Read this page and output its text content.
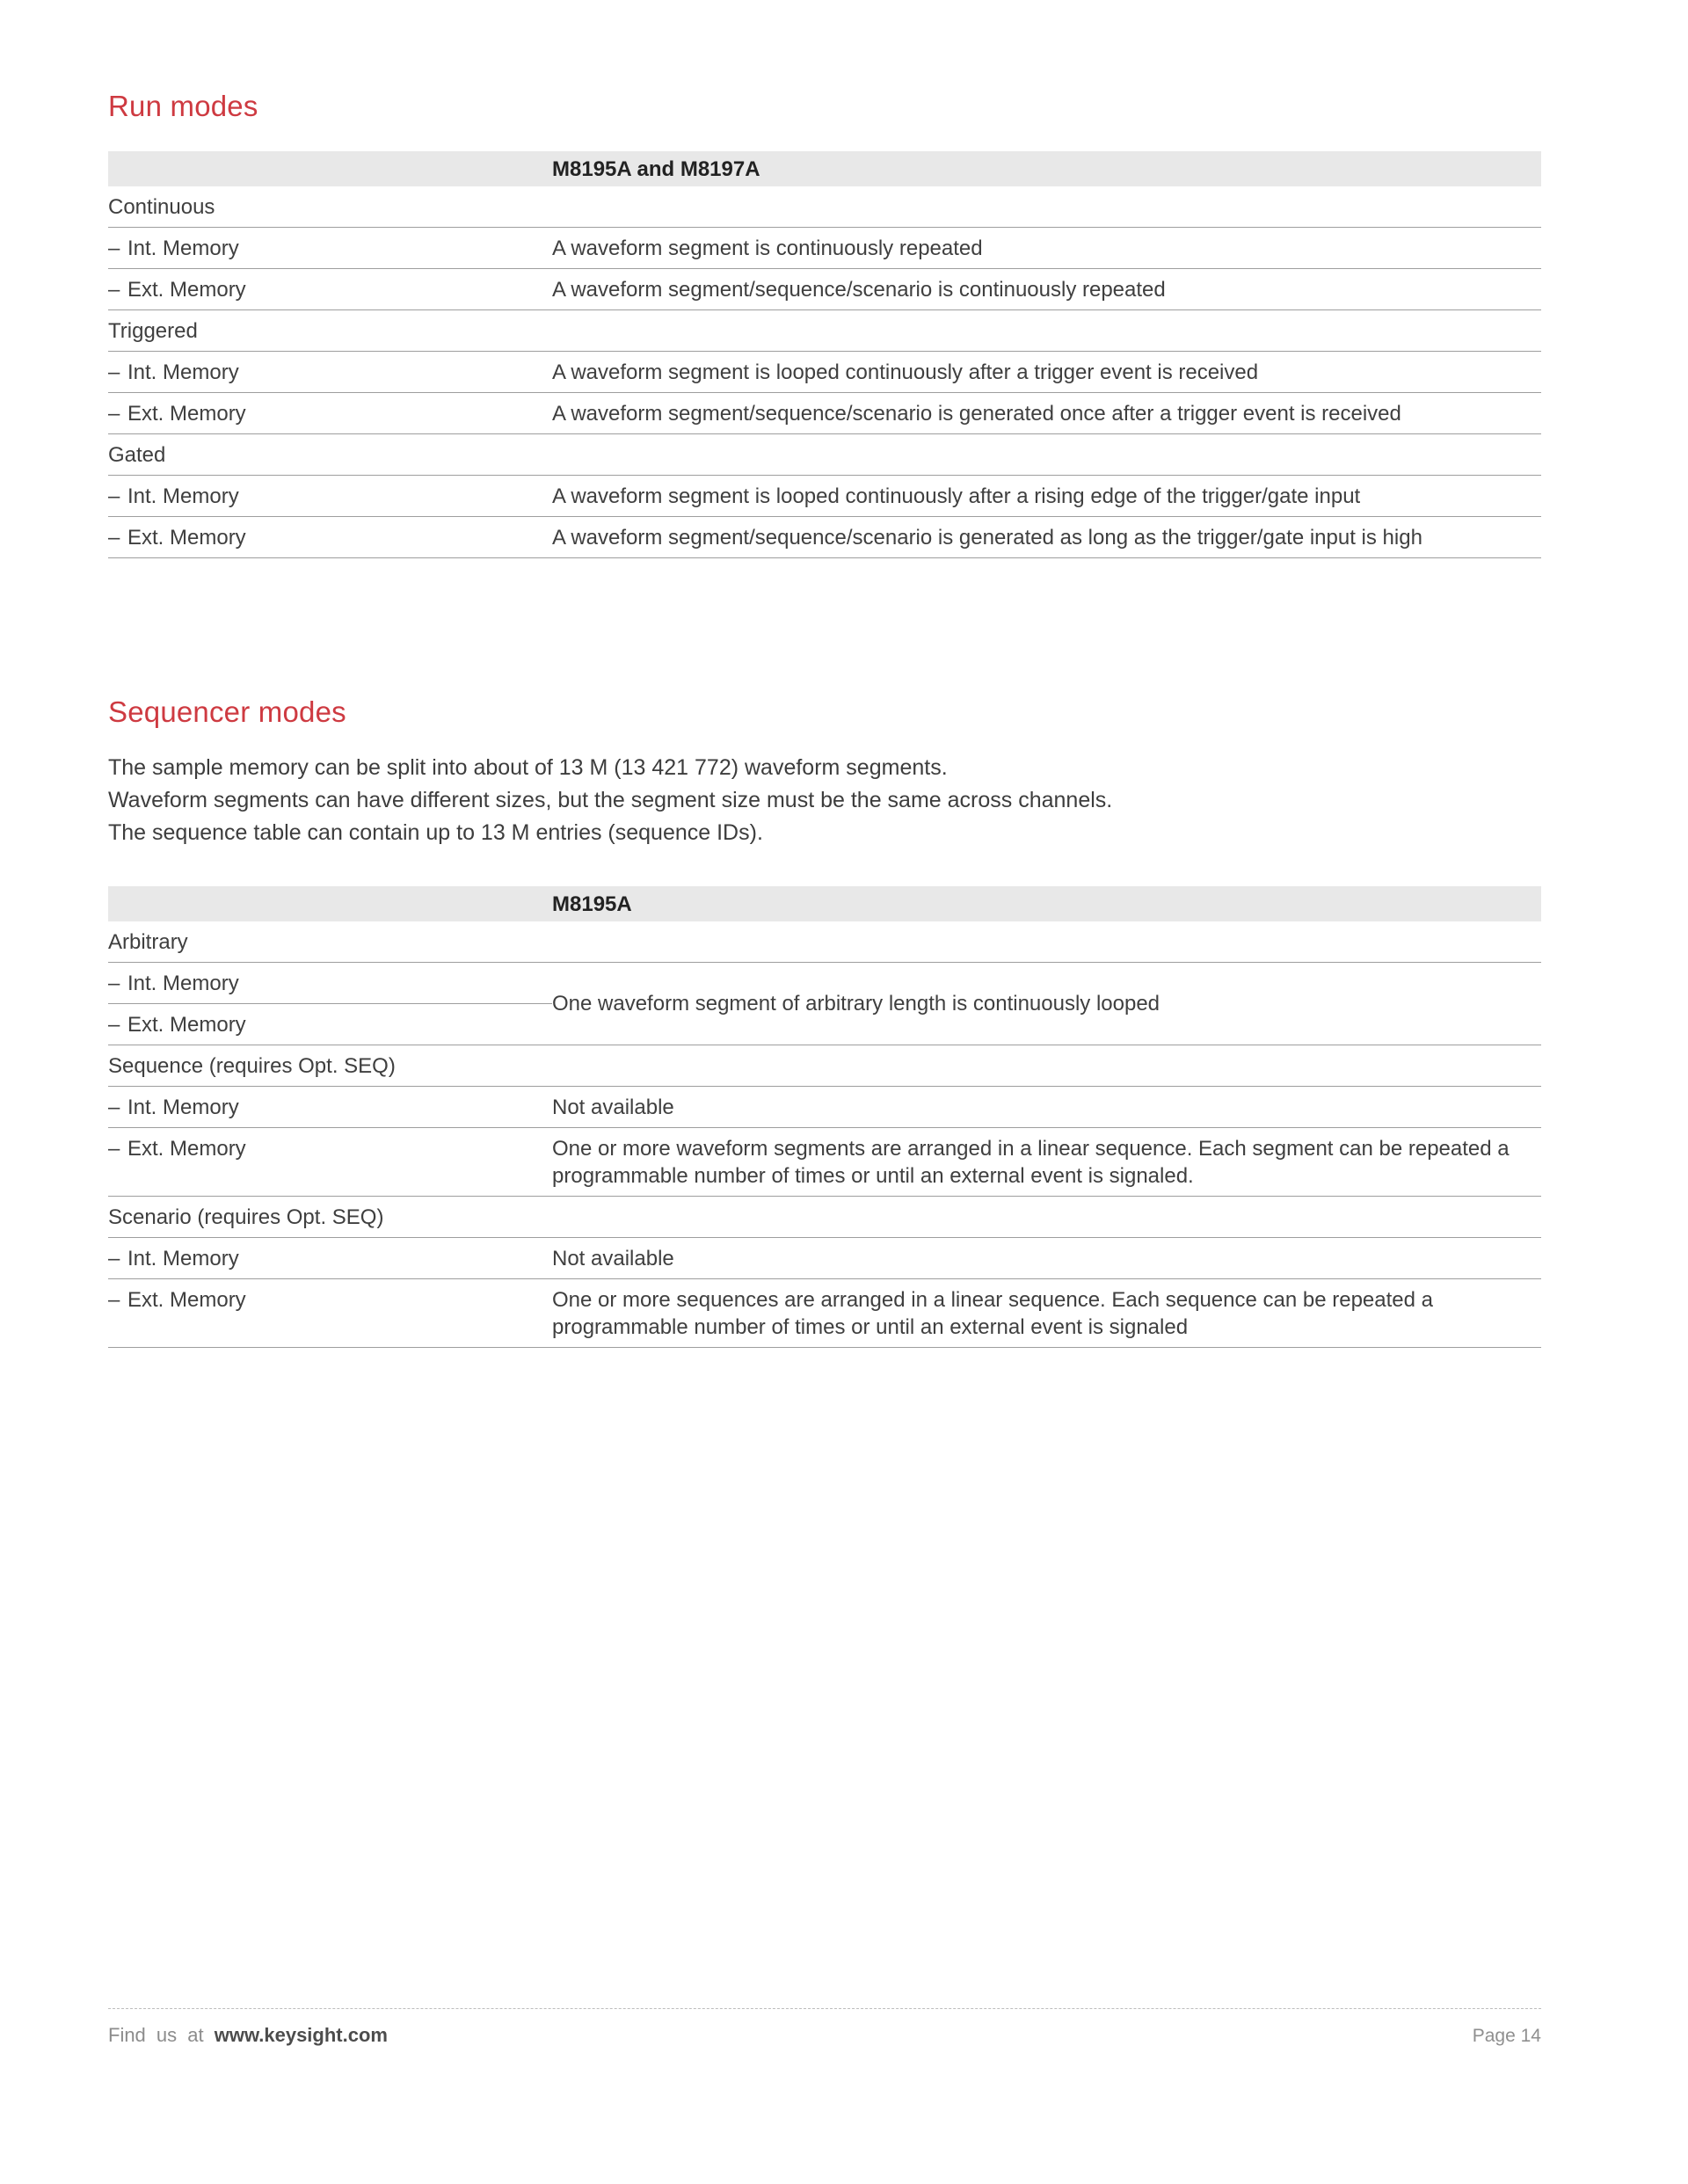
Run modes
	M8195A and M8197A
Continuous	
– Int. Memory	A waveform segment is continuously repeated
– Ext. Memory	A waveform segment/sequence/scenario is continuously repeated
Triggered	
– Int. Memory	A waveform segment is looped continuously after a trigger event is received
– Ext. Memory	A waveform segment/sequence/scenario is generated once after a trigger event is received
Gated	
– Int. Memory	A waveform segment is looped continuously after a rising edge of the trigger/gate input
– Ext. Memory	A waveform segment/sequence/scenario is generated as long as the trigger/gate input is high
Sequencer modes
The sample memory can be split into about of 13 M (13 421 772) waveform segments.
Waveform segments can have different sizes, but the segment size must be the same across channels.
The sequence table can contain up to 13 M entries (sequence IDs).
	M8195A
Arbitrary	
– Int. Memory	One waveform segment of arbitrary length is continuously looped
– Ext. Memory	
Sequence (requires Opt. SEQ)	
– Int. Memory	Not available
– Ext. Memory	One or more waveform segments are arranged in a linear sequence. Each segment can be repeated a programmable number of times or until an external event is signaled.
Scenario (requires Opt. SEQ)	
– Int. Memory	Not available
– Ext. Memory	One or more sequences are arranged in a linear sequence. Each sequence can be repeated a programmable number of times or until an external event is signaled
Find us at www.keysight.com	Page 14
